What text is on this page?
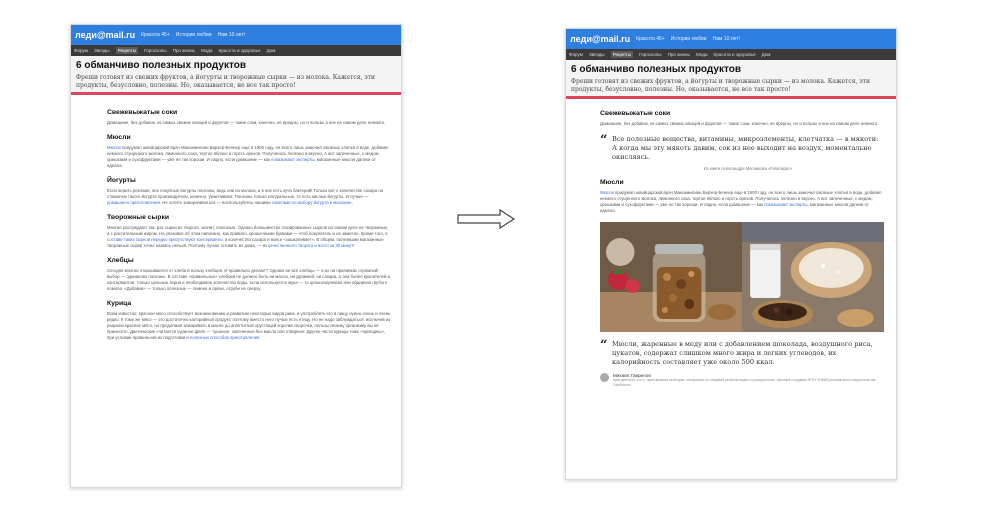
леди@mail.ru Красота 45+ Истории любви Нам 10 лет!
Форум Звезды	Рецепты	Гороскопы Про жизнь Мода Красота и здоровье Дом
6 обманчиво полезных продуктов
Фреши готовят из свежих фруктов, а йогурты и творожные сырки — из молока. Кажется, эти продукты, безусловно, полезны. Но, оказывается, не все так просто!
Свежевыжатые соки

Домашние, без добавок, из самых свежих овощей и фруктов — такие соки, конечно, не вредны, но и пользы в них на самом деле немного.

Мюсли

Мюсли придумал швейцарский врач Максимилиан Бирхер-Беннер еще в 1900 году. он всего лишь замочил овсяные хлопья в воде, добавил немного сгущенного молока, лимонного сока, тертое яблоко и горсть орехов. Получилось полезно и вкусно. А вот запеченные, с медом, орешками и сухофруктами — уже не так хороши. И ладно, если домашние — как показывают эксперты, магазинные мюсли далеки от идеала.

Йогурты

Если верить рекламе, все покупные йогурты полезны, ведь они из молока, и в них есть куча бактерий! Только вот о количестве сахара на стаканчик такого йогурта производители, конечно, умалчивают. Полезны только натуральные, то есть кислые йогурты. И лучше — домашнего приготовления. Не хотите заморачиваться — воспользуйтесь нашими советами по выбору йогурта в магазине.

Творожные сырки

Многие рассуждают так: раз сырки из творога, значит, полезные. Однако большинство глазированных сырков на самом деле не творожные, а с растительным жиром. На упаковке об этом написано, как правило, крошечными буквами — чтоб покупатель и не заметил. Кроме того, в составе таких сырков нередко присутствуют консерванты, а количество сахара и вовсе «зашкаливает». В общем, полезными магазинные творожные сырки точно назвать нельзя. Поэтому лучше готовить их дома, — из качественного творога и всего за 30 минут!

Хлебцы

Сегодня многие отказываются от хлеба в пользу хлебцев. И правильно делают? Однако не все хлебцы — а их на прилавках огромный выбор — одинаково полезны. В составе «правильных» хлебцев не должно быть ни масла, ни дрожжей, ни сахара, а тем более красителей и консервантов, только цельные зерна и необходимое количество воды. если используется мука — то цельнозерновая или обдирная грубого помола. «Добавки» — только полезные — семена и орехи, отруби не сверху.

Курица

Всем известно: красное мясо способствует возникновению и развитию некоторых видов рака, и употреблять его в пищу нужно очень и очень редко. К тому же мясо — это достаточно калорийный продукт, поэтому вместо него лучше есть птицу. Но не надо заблуждаться: исключив из рациона красное мясо, но продолжая зажаривать в масле до аппетитной хрустящей корочки окорочка, пользы своему организму вы не принесете. Диетические считается куриное филе — тушеное, запеченное без масла или отварное. Другие части курицы тоже «пригодны», при условии правильной их подготовки и полезных способов приготовления.

леди@mail.ru Красота 45+ Истории любви Нам 10 лет!
Форум Звезды	Рецепты	Гороскопы Про жизнь Мода Красота и здоровье Дом
6 обманчиво полезных продуктов
Фреши готовят из свежих фруктов, а йогурты и творожные сырки — из молока. Кажется, эти продукты, безусловно, полезны. Но, оказывается, не все так просто!
Свежевыжатые соки

Домашние, без добавок, из самых свежих овощей и фруктов — такие соки, конечно, не вредны, но и пользы в них на самом деле немного.

“ Все полезные вещества, витамины, микроэлементы, клетчатка — в мякоти: А когда мы эту мякоть давим, сок из нее выходит на воздух, моментально окисляясь.
Из книги Александра Мясникова «Гиппократ»
Мюсли

Мюсли придумал швейцарский врач Максимилиан Бирхер-Беннер еще в 1900 году. он всего лишь замочил овсяные хлопья в воде, добавил немного сгущенного молока, лимонного сока, тертое яблоко и горсть орехов. Получилось полезно и вкусно. А вот запеченные, с медом, орешками и сухофруктами — уже не так хороши. И ладно, если домашние — как показывают эксперты, магазинные мюсли далеки от идеала.

“ Мюсли, жаренные в меду или с добавлением шоколада, воздушного риса, цукатов, содержат слишком много жира и легких углеводов, их калорийность составляет уже около 500 ккал.
Михаил Гаврилов
врач-диетолог, к.м.н., врач высшей категории, специалист по пищевой реабилитации и нутрициологии, научный сотрудник ФГБУ «НМИЦ психиатрии и наркологии им. Сербского»
